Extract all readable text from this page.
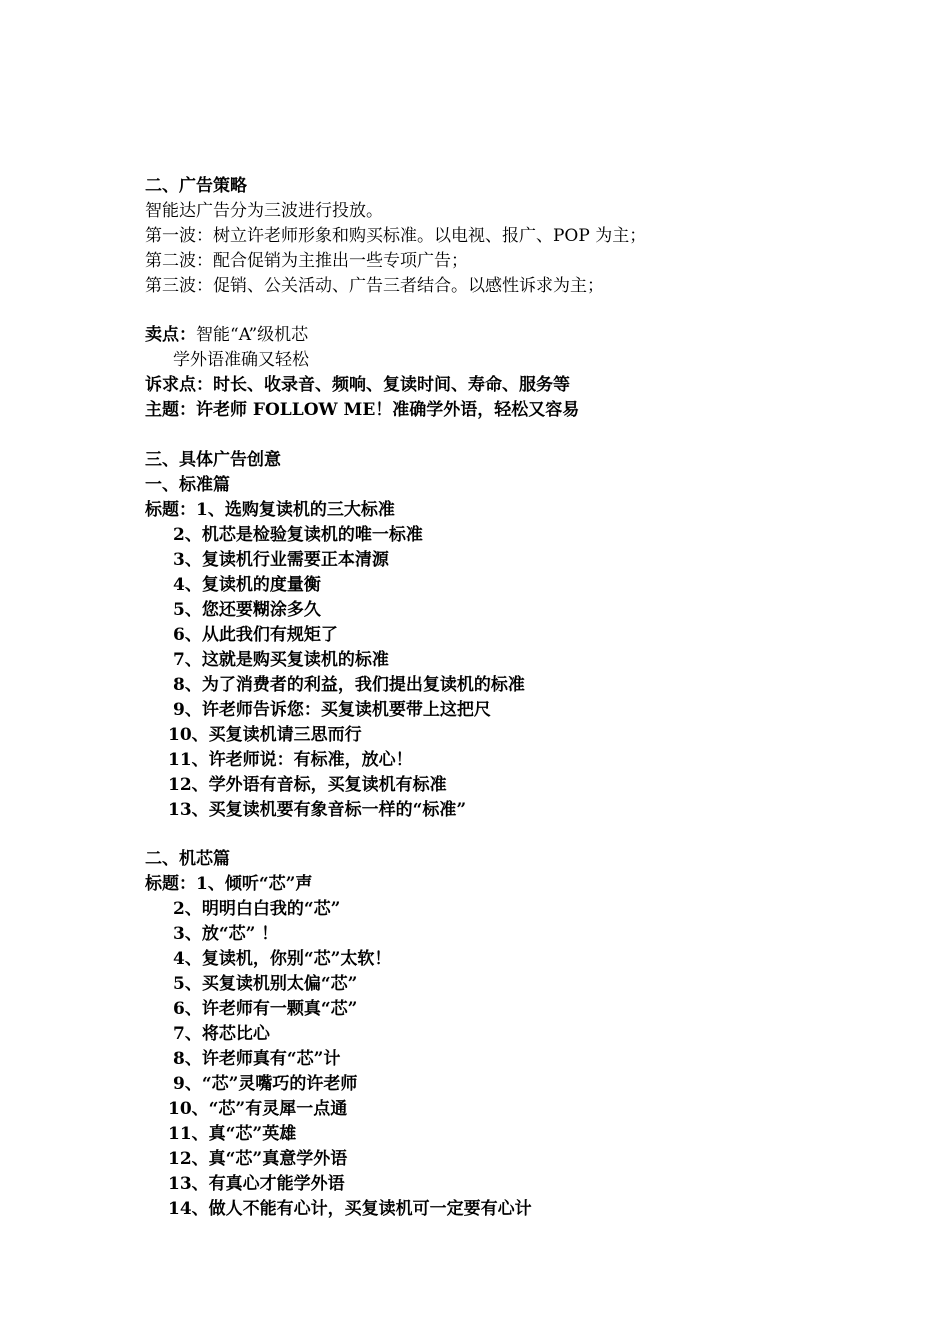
二、广告策略
智能达广告分为三波进行投放。
第一波：树立许老师形象和购买标准。以电视、报广、POP 为主；
第二波：配合促销为主推出一些专项广告；
第三波：促销、公关活动、广告三者结合。以感性诉求为主；
卖点：智能“A”级机芯
学外语准确又轻松
诉求点：时长、收录音、频响、复读时间、寿命、服务等
主题：许老师 FOLLOW ME！准确学外语，轻松又容易
三、具体广告创意
一、标准篇
标题：1、选购复读机的三大标准
2、机芯是检验复读机的唯一标准
3、复读机行业需要正本清源
4、复读机的度量衡
5、您还要糊涂多久
6、从此我们有规矩了
7、这就是购买复读机的标准
8、为了消费者的利益，我们提出复读机的标准
9、许老师告诉您：买复读机要带上这把尺
10、买复读机请三思而行
11、许老师说：有标准，放心！
12、学外语有音标，买复读机有标准
13、买复读机要有象音标一样的“标准”
二、机芯篇
标题：1、倾听“芯”声
2、明明白白我的“芯”
3、放“芯” ！
4、复读机，你别“芯”太软！
5、买复读机别太偏“芯”
6、许老师有一颗真“芯”
7、将芯比心
8、许老师真有“芯”计
9、“芯”灵嘴巧的许老师
10、“芯”有灵犀一点通
11、真“芯”英雄
12、真“芯”真意学外语
13、有真心才能学外语
14、做人不能有心计，买复读机可一定要有心计
